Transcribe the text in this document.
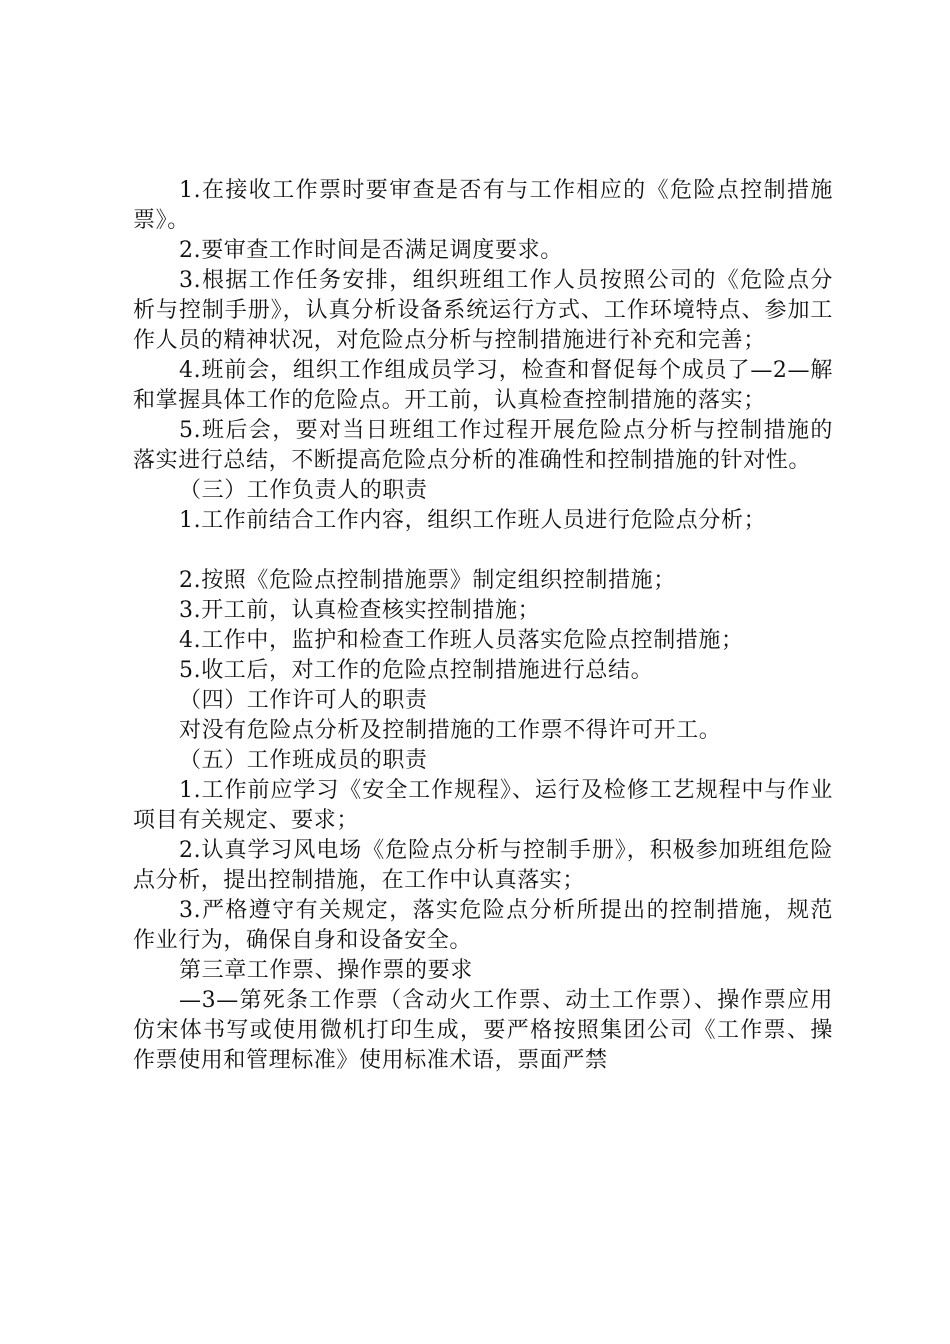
1.在接收工作票时要审查是否有与工作相应的《危险点控制措施票》。

2.要审查工作时间是否满足调度要求。

3.根据工作任务安排，组织班组工作人员按照公司的《危险点分析与控制手册》，认真分析设备系统运行方式、工作环境特点、参加工作人员的精神状况，对危险点分析与控制措施进行补充和完善；

4.班前会，组织工作组成员学习，检查和督促每个成员了—2—解和掌握具体工作的危险点。开工前，认真检查控制措施的落实；

5.班后会，要对当日班组工作过程开展危险点分析与控制措施的落实进行总结，不断提高危险点分析的准确性和控制措施的针对性。

（三）工作负责人的职责

1.工作前结合工作内容，组织工作班人员进行危险点分析；

2.按照《危险点控制措施票》制定组织控制措施；

3.开工前，认真检查核实控制措施；

4.工作中，监护和检查工作班人员落实危险点控制措施；

5.收工后，对工作的危险点控制措施进行总结。

（四）工作许可人的职责

对没有危险点分析及控制措施的工作票不得许可开工。

（五）工作班成员的职责

1.工作前应学习《安全工作规程》、运行及检修工艺规程中与作业项目有关规定、要求；

2.认真学习风电场《危险点分析与控制手册》，积极参加班组危险点分析，提出控制措施，在工作中认真落实；

3.严格遵守有关规定，落实危险点分析所提出的控制措施，规范作业行为，确保自身和设备安全。

第三章工作票、操作票的要求

—3—第死条工作票（含动火工作票、动土工作票）、操作票应用仿宋体书写或使用微机打印生成，要严格按照集团公司《工作票、操作票使用和管理标准》使用标准术语，票面严禁
